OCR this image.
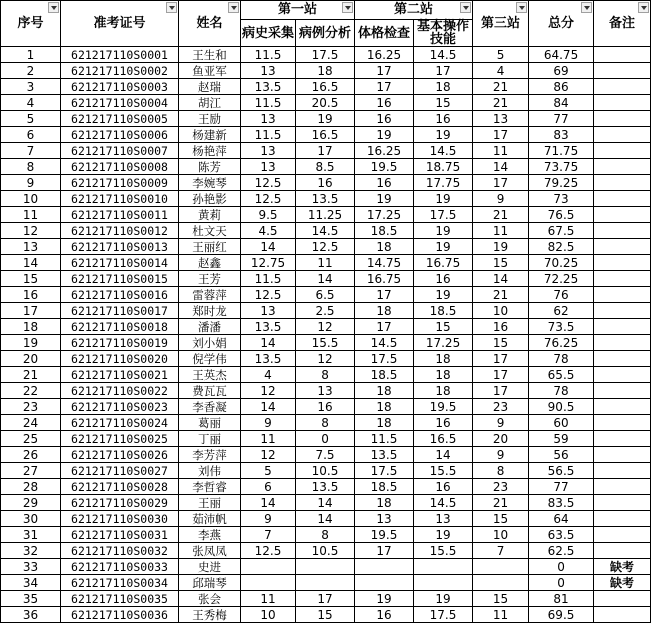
序号	准考证号	姓名	第一站		第二站		第三站	总分	备注

			病史采集	病例分析	体格检查	基本操作技能			
1	621217110S0001	王生和	11.5	17.5	16.25	14.5	5	64.75	
2	621217110S0002	鱼亚军	13	18	17	17	4	69	
3	621217110S0003	赵瑞	13.5	16.5	17	18	21	86	
4	621217110S0004	胡江	11.5	20.5	16	15	21	84	
5	621217110S0005	王励	13	19	16	16	13	77	
6	621217110S0006	杨建新	11.5	16.5	19	19	17	83	
7	621217110S0007	杨艳萍	13	17	16.25	14.5	11	71.75	
8	621217110S0008	陈芳	13	8.5	19.5	18.75	14	73.75	
9	621217110S0009	李婉琴	12.5	16	16	17.75	17	79.25	
10	621217110S0010	孙艳影	12.5	13.5	19	19	9	73	
11	621217110S0011	黄莉	9.5	11.25	17.25	17.5	21	76.5	
12	621217110S0012	杜文天	4.5	14.5	18.5	19	11	67.5	
13	621217110S0013	王丽红	14	12.5	18	19	19	82.5	
14	621217110S0014	赵鑫	12.75	11	14.75	16.75	15	70.25	
15	621217110S0015	王芳	11.5	14	16.75	16	14	72.25	
16	621217110S0016	雷蓉萍	12.5	6.5	17	19	21	76	
17	621217110S0017	郑时龙	13	2.5	18	18.5	10	62	
18	621217110S0018	潘潘	13.5	12	17	15	16	73.5	
19	621217110S0019	刘小娟	14	15.5	14.5	17.25	15	76.25	
20	621217110S0020	倪学伟	13.5	12	17.5	18	17	78	
21	621217110S0021	王英杰	4	8	18.5	18	17	65.5	
22	621217110S0022	费瓦瓦	12	13	18	18	17	78	
23	621217110S0023	李香凝	14	16	18	19.5	23	90.5	
24	621217110S0024	葛丽	9	8	18	16	9	60	
25	621217110S0025	丁丽	11	0	11.5	16.5	20	59	
26	621217110S0026	李芳萍	12	7.5	13.5	14	9	56	
27	621217110S0027	刘伟	5	10.5	17.5	15.5	8	56.5	
28	621217110S0028	李哲睿	6	13.5	18.5	16	23	77	
29	621217110S0029	王丽	14	14	18	14.5	21	83.5	
30	621217110S0030	茹沛帆	9	14	13	13	15	64	
31	621217110S0031	李燕	7	8	19.5	19	10	63.5	
32	621217110S0032	张凤凤	12.5	10.5	17	15.5	7	62.5	
33	621217110S0033	史进						0	缺考
34	621217110S0034	邱瑞琴						0	缺考
35	621217110S0035	张会	11	17	19	19	15	81	
36	621217110S0036	王秀梅	10	15	16	17.5	11	69.5	
